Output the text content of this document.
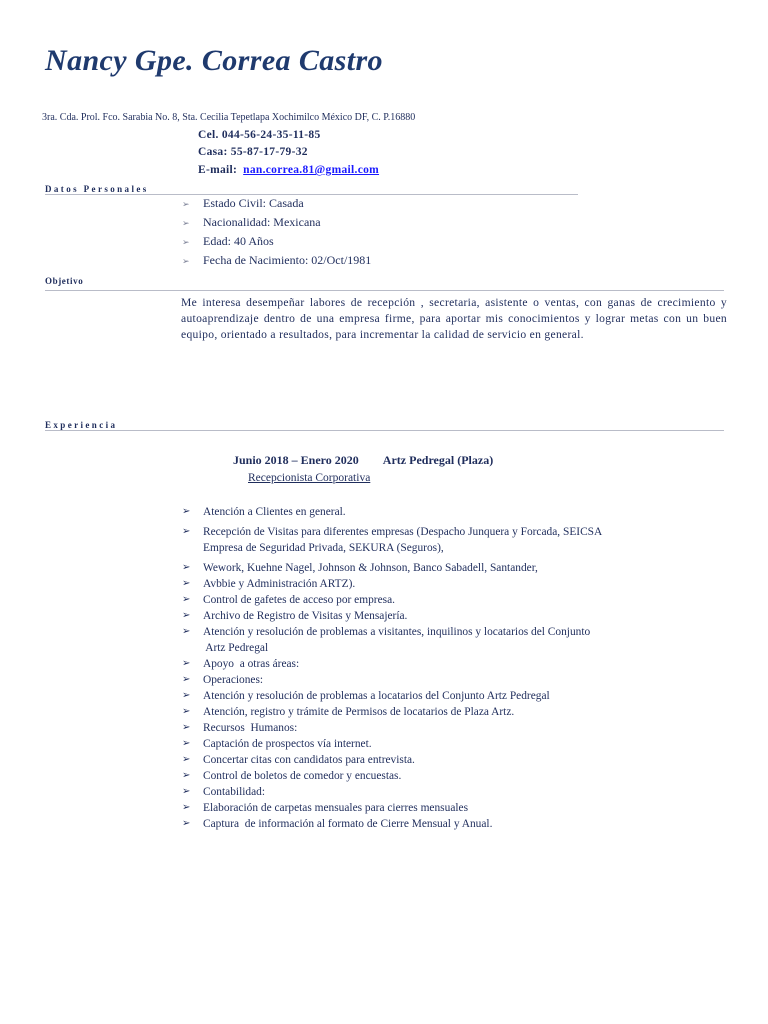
Nancy Gpe. Correa Castro
3ra. Cda. Prol. Fco. Sarabia No. 8, Sta. Cecilia Tepetlapa Xochimilco México DF, C. P.16880
Cel. 044-56-24-35-11-85
Casa: 55-87-17-79-32
E-mail: nan.correa.81@gmail.com
Datos Personales
➢ Estado Civil: Casada
➢ Nacionalidad: Mexicana
➢ Edad: 40 Años
➢ Fecha de Nacimiento: 02/Oct/1981
Objetivo

Me interesa desempeñar labores de recepción , secretaria, asistente o ventas, con ganas de crecimiento y autoaprendizaje dentro de una empresa firme, para aportar mis conocimientos y lograr metas con un buen equipo, orientado a resultados, para incrementar la calidad de servicio en general.

Experiencia
Junio 2018 – Enero 2020 Artz Pedregal (Plaza)
Recepcionista Corporativa
➢	Atención a Clientes en general.
➢	Recepción de Visitas para diferentes empresas (Despacho Junquera y Forcada, SEICSA
Empresa de Seguridad Privada, SEKURA (Seguros),
➢	Wework, Kuehne Nagel, Johnson & Johnson, Banco Sabadell, Santander,
➢	Avbbie y Administración ARTZ).
➢	Control de gafetes de acceso por empresa.
➢	Archivo de Registro de Visitas y Mensajería.
➢	Atención y resolución de problemas a visitantes, inquilinos y locatarios del Conjunto
Artz Pedregal
➢	Apoyo  a otras áreas:
➢	Operaciones:
➢	Atención y resolución de problemas a locatarios del Conjunto Artz Pedregal
➢	Atención, registro y trámite de Permisos de locatarios de Plaza Artz.
➢	Recursos  Humanos:
➢	Captación de prospectos vía internet.
➢	Concertar citas con candidatos para entrevista.
➢	Control de boletos de comedor y encuestas.
➢	Contabilidad:
➢	Elaboración de carpetas mensuales para cierres mensuales
➢	Captura  de información al formato de Cierre Mensual y Anual.
